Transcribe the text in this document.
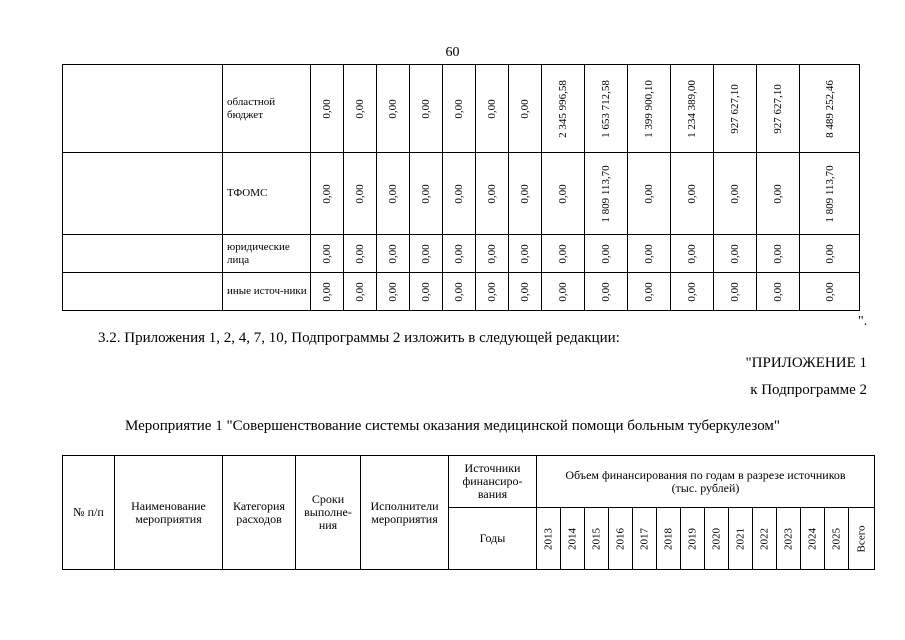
60
	областной бюджет	0,00	0,00	0,00	0,00	0,00	0,00	0,00	2 345 996,58	1 653 712,58	1 399 900,10	1 234 389,00	927 627,10	927 627,10	8 489 252,46

	ТФОМС	0,00	0,00	0,00	0,00	0,00	0,00	0,00	0,00	1 809 113,70	0,00	0,00	0,00	0,00	1 809 113,70

	юридические лица	0,00	0,00	0,00	0,00	0,00	0,00	0,00	0,00	0,00	0,00	0,00	0,00	0,00	0,00

	иные источ-ники	0,00	0,00	0,00	0,00	0,00	0,00	0,00	0,00	0,00	0,00	0,00	0,00	0,00	0,00
".
3.2. Приложения 1, 2, 4, 7, 10, Подпрограммы 2 изложить в следующей редакции:
"ПРИЛОЖЕНИЕ 1
к Подпрограмме 2
Мероприятие 1 "Совершенствование системы оказания медицинской помощи больным туберкулезом"
№ п/п	Наименование мероприятия	Категория расходов	Сроки выполне-ния	Исполнители мероприятия	Источники финансиро-вания	Объем финансирования по годам в разрезе источников (тыс. рублей)													
					Годы	2013	2014	2015	2016	2017	2018	2019	2020	2021	2022	2023	2024	2025	Всего
